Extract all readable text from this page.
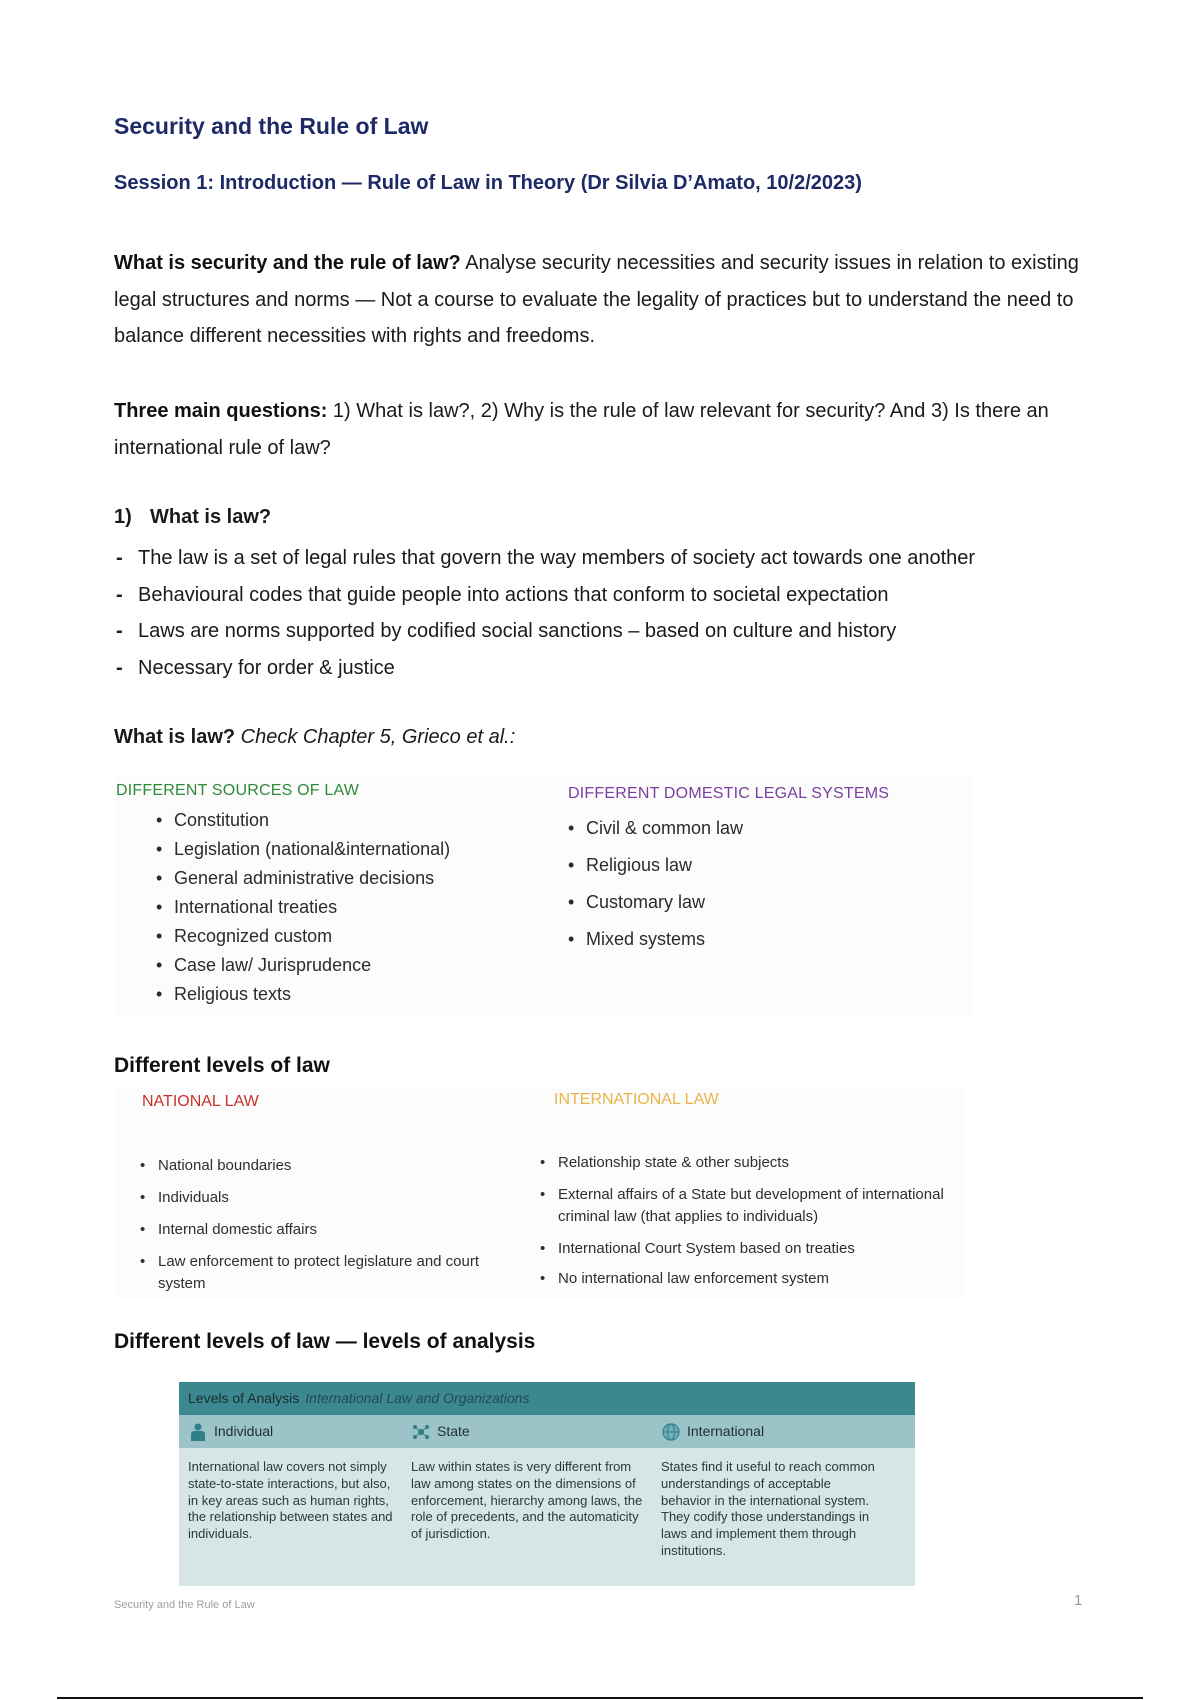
Security and the Rule of Law
Session 1: Introduction — Rule of Law in Theory (Dr Silvia D’Amato, 10/2/2023)

What is security and the rule of law? Analyse security necessities and security issues in relation to existing legal structures and norms — Not a course to evaluate the legality of practices but to understand the need to balance different necessities with rights and freedoms.

Three main questions: 1) What is law?, 2) Why is the rule of law relevant for security? And 3) Is there an international rule of law?

1) What is law?
- The law is a set of legal rules that govern the way members of society act towards one another
- Behavioural codes that guide people into actions that conform to societal expectation
- Laws are norms supported by codified social sanctions – based on culture and history
- Necessary for order & justice
What is law? Check Chapter 5, Grieco et al.:
DIFFERENT SOURCES OF LAW
• Constitution
• Legislation (national&international)
• General administrative decisions
• International treaties
• Recognized custom
• Case law/ Jurisprudence
• Religious texts
DIFFERENT DOMESTIC LEGAL SYSTEMS
• Civil & common law
• Religious law
• Customary law
• Mixed systems
Different levels of law
NATIONAL LAW
• National boundaries
• Individuals
• Internal domestic affairs
• Law enforcement to protect legislature and court system
INTERNATIONAL LAW
• Relationship state & other subjects
• External affairs of a State but development of international criminal law (that applies to individuals)
• International Court System based on treaties
• No international law enforcement system
Different levels of law — levels of analysis
Levels of Analysis International Law and Organizations
Individual	State	International
International law covers not simply state-to-state interactions, but also, in key areas such as human rights, the relationship between states and individuals.
Law within states is very different from law among states on the dimensions of enforcement, hierarchy among laws, the role of precedents, and the automaticity of jurisdiction.
States find it useful to reach common understandings of acceptable behavior in the international system. They codify those understandings in laws and implement them through institutions.
Security and the Rule of Law	1
